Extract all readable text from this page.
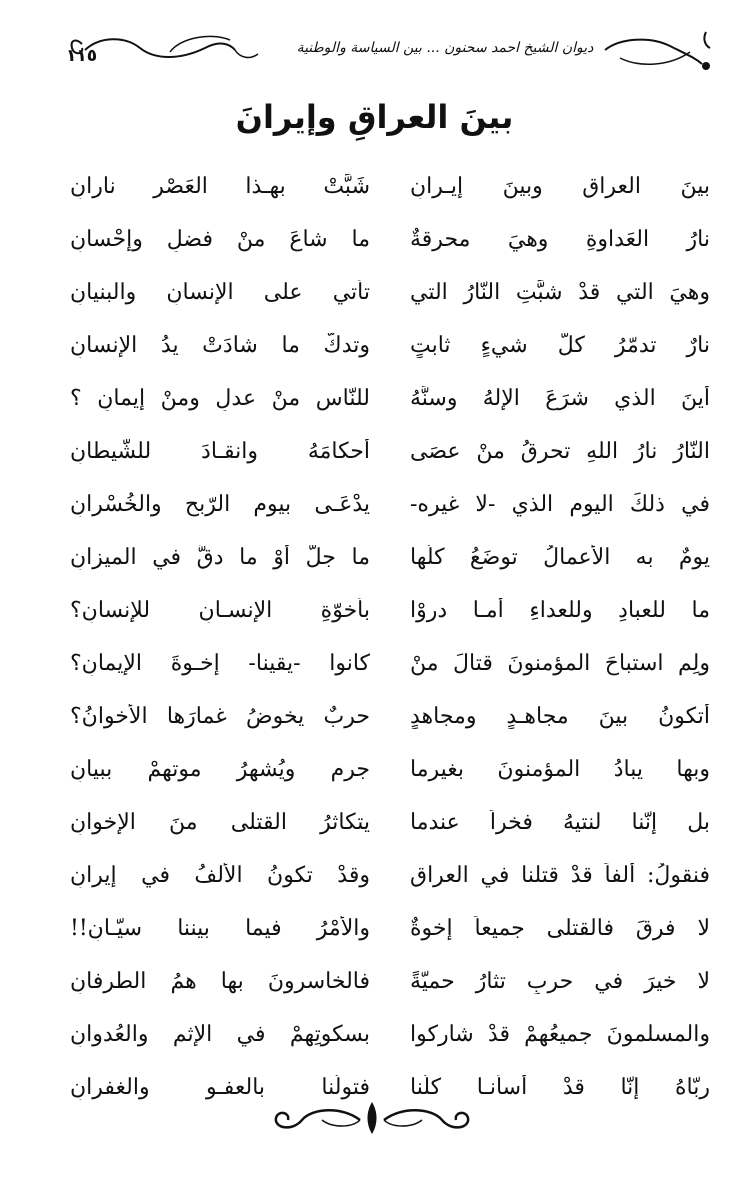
١١٥	ديوان الشيخ احمد سحنون ... بين السياسة والوطنية
بينَ العراقِ وإيرانَ
بينَ العراقِ وبينَ إيـرانِ
شَبَّتْ بهـذا العَصْرِ نارانِ
نارُ العَداوةِ وهيَ محرقةٌ
ما شاعَ منْ فضلٍ وإحْسانِ
وهيَ التي قدْ شبَّتِ النّارُ التي
تأتي على الإنسانِ والبنيانِ
نارٌ تدمّرُ كلَّ شيءٍ ثابتٍ
وتدكُّ ما شادَتْ يدُ الإنسانِ
أينَ الذي شرَعَ الإلهُ وسنَّهُ
للنّاسِ منْ عدلٍ ومنْ إيمانٍ ؟
النّارُ نارُ اللهِ تحرقُ منْ عصَى
أحكامَهُ وانقـادَ للشّيطانِ
في ذلكَ اليومِ الذي -لا غيرِه-
يدْعَـى بيومِ الرّبحِ والخُسْرانِ
يومٌ به الأعمالُ توضَعُ كلُّها
ما جلَّ أوْ ما دقَّ في الميزانِ
ما للعبادِ وللعداءِ أمـا دروْا
بأخوّةِ الإنسـانِ للإنسانِ؟
ولِمِ استباحَ المؤمنونَ قتالَ منْ
كانوا -يقينا- إخـوةَ الإيمانِ؟
أتكونُ بينَ مجاهـدٍ ومجاهدٍ
حربٌ يخوضُ غمارَها الأخوانُ؟
وبها يبادُ المؤمنونَ بغيرِما
جرمٍ ويُشهرُ موتهمْ ببيانِ
بل إنّنا لنتيهُ فخراً عندما
يتكاثرُ القتلى منَ الإخوانِ
فنقولُ: ألفاً قدْ قتلنا في العراقِ
وقدْ تكونُ الألفُ في إيرانِ
لا فرقَ فالقتلى جميعاً إخوةٌ
والأمْرُ فيما بيننا سيّـانِ!!
لا خيرَ في حربٍ تثارُ حميّةً
فالخاسرونَ بها همُ الطرفانِ
والمسلمونَ جميعُهمْ قدْ شاركوا
بسكوتِهمْ في الإثمِ والعُدوانِ
ربّاهُ إنّا قدْ أسأنـا كلّنا
فتولَّنا بالعفـوِ والغفرانِ
